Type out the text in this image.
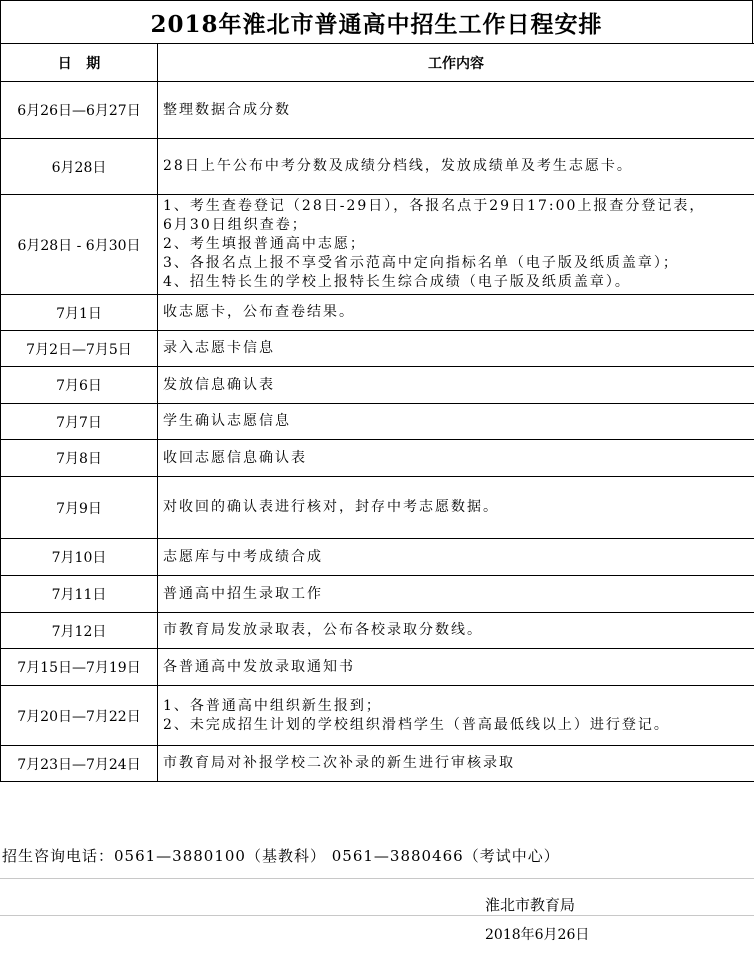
2018年淮北市普通高中招生工作日程安排
日   期	工作内容
6月26日—6月27日	整理数据合成分数

6月28日	28日上午公布中考分数及成绩分档线，发放成绩单及考生志愿卡。

6月28日 - 6月30日	1、考生查卷登记（28日-29日），各报名点于29日17:00上报查分登记表，
6月30日组织查卷；
2、考生填报普通高中志愿；
3、各报名点上报不享受省示范高中定向指标名单（电子版及纸质盖章）；
4、招生特长生的学校上报特长生综合成绩（电子版及纸质盖章）。

7月1日	收志愿卡，公布查卷结果。

7月2日—7月5日	录入志愿卡信息

7月6日	发放信息确认表

7月7日	学生确认志愿信息

7月8日	收回志愿信息确认表

7月9日	对收回的确认表进行核对，封存中考志愿数据。

7月10日	志愿库与中考成绩合成

7月11日	普通高中招生录取工作

7月12日	市教育局发放录取表，公布各校录取分数线。

7月15日—7月19日	各普通高中发放录取通知书

7月20日—7月22日	1、各普通高中组织新生报到；
2、未完成招生计划的学校组织滑档学生（普高最低线以上）进行登记。

7月23日—7月24日	市教育局对补报学校二次补录的新生进行审核录取
招生咨询电话：0561—3880100（基教科） 0561—3880466（考试中心）
淮北市教育局
2018年6月26日
